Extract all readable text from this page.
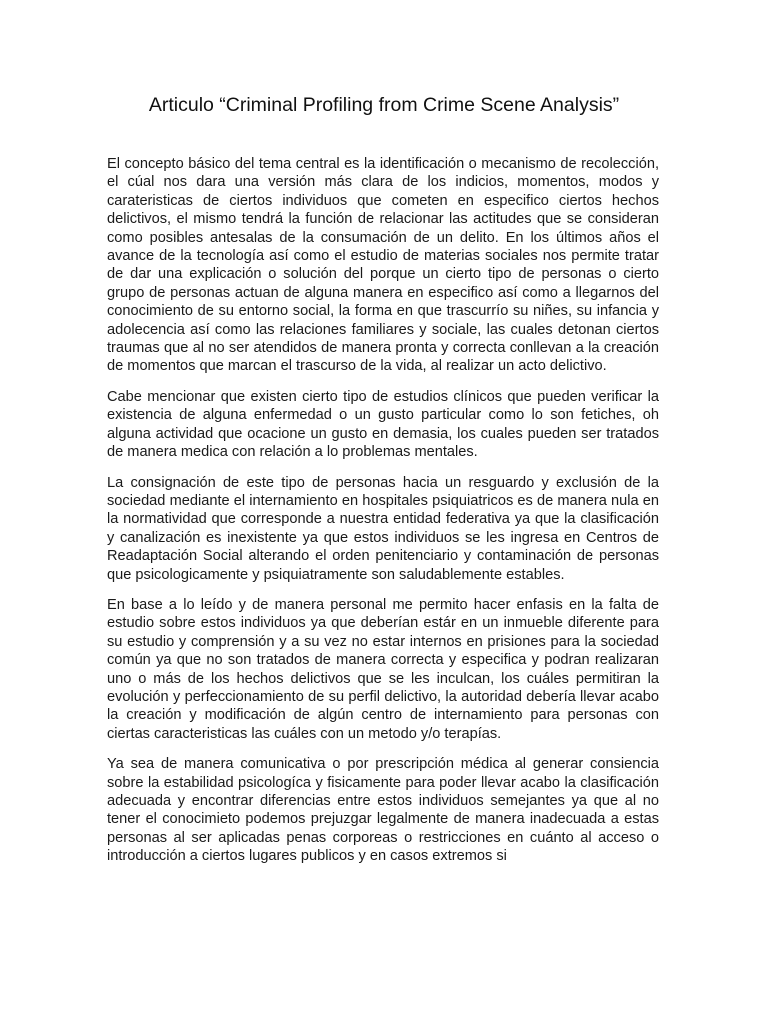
Articulo “Criminal Profiling from Crime Scene Analysis”

El concepto básico del tema central es la identificación o mecanismo de recolección, el cúal nos dara una versión más clara de los indicios, momentos, modos y carateristicas de ciertos individuos que cometen en especifico ciertos hechos delictivos, el mismo tendrá la función de relacionar las actitudes que se consideran como posibles antesalas de la consumación de un delito. En los últimos años el avance de la tecnología así como el estudio de materias sociales nos permite tratar de dar una explicación o solución del porque un cierto tipo de personas o cierto grupo de personas actuan de alguna manera en especifico así como a llegarnos del conocimiento de su entorno social, la forma en que trascurrío su niñes, su infancia y adolecencia así como las relaciones familiares y sociale, las cuales detonan ciertos traumas que al no ser atendidos de manera pronta y correcta conllevan a la creación de momentos que marcan el trascurso de la vida, al realizar un acto delictivo.

Cabe mencionar que existen cierto tipo de estudios clínicos que pueden verificar la existencia de alguna enfermedad o un gusto particular como lo son fetiches, oh alguna actividad que ocacione un gusto en demasia, los cuales pueden ser tratados de manera medica con relación a lo problemas mentales.

La consignación de este tipo de personas hacia un resguardo y exclusión de la sociedad mediante el internamiento en hospitales psiquiatricos es de manera nula en la normatividad que corresponde a nuestra entidad federativa ya que la clasificación y canalización es inexistente ya que estos individuos se les ingresa en Centros de Readaptación Social alterando el orden penitenciario y contaminación de personas que psicologicamente y psiquiatramente son saludablemente estables.

En base a lo leído y de manera personal me permito hacer enfasis en la falta de estudio sobre estos individuos ya que deberían estár en un inmueble diferente para su estudio y comprensión y a su vez no estar internos en prisiones para la sociedad común ya que no son tratados de manera correcta y especifica y podran realizaran uno o más de los hechos delictivos que se les inculcan, los cuáles permitiran la evolución y perfeccionamiento de su perfil delictivo, la autoridad debería llevar acabo la creación y modificación de algún centro de internamiento para personas con ciertas caracteristicas las cuáles con un metodo y/o terapías.

Ya sea de manera comunicativa o por prescripción médica al generar consiencia sobre la estabilidad psicologíca y fisicamente para poder llevar acabo la clasificación adecuada y encontrar diferencias entre estos individuos semejantes ya que al no tener el conocimieto podemos prejuzgar legalmente de manera inadecuada a estas personas al ser aplicadas penas corporeas o restricciones en cuánto al acceso o introducción a ciertos lugares publicos y en casos extremos si
